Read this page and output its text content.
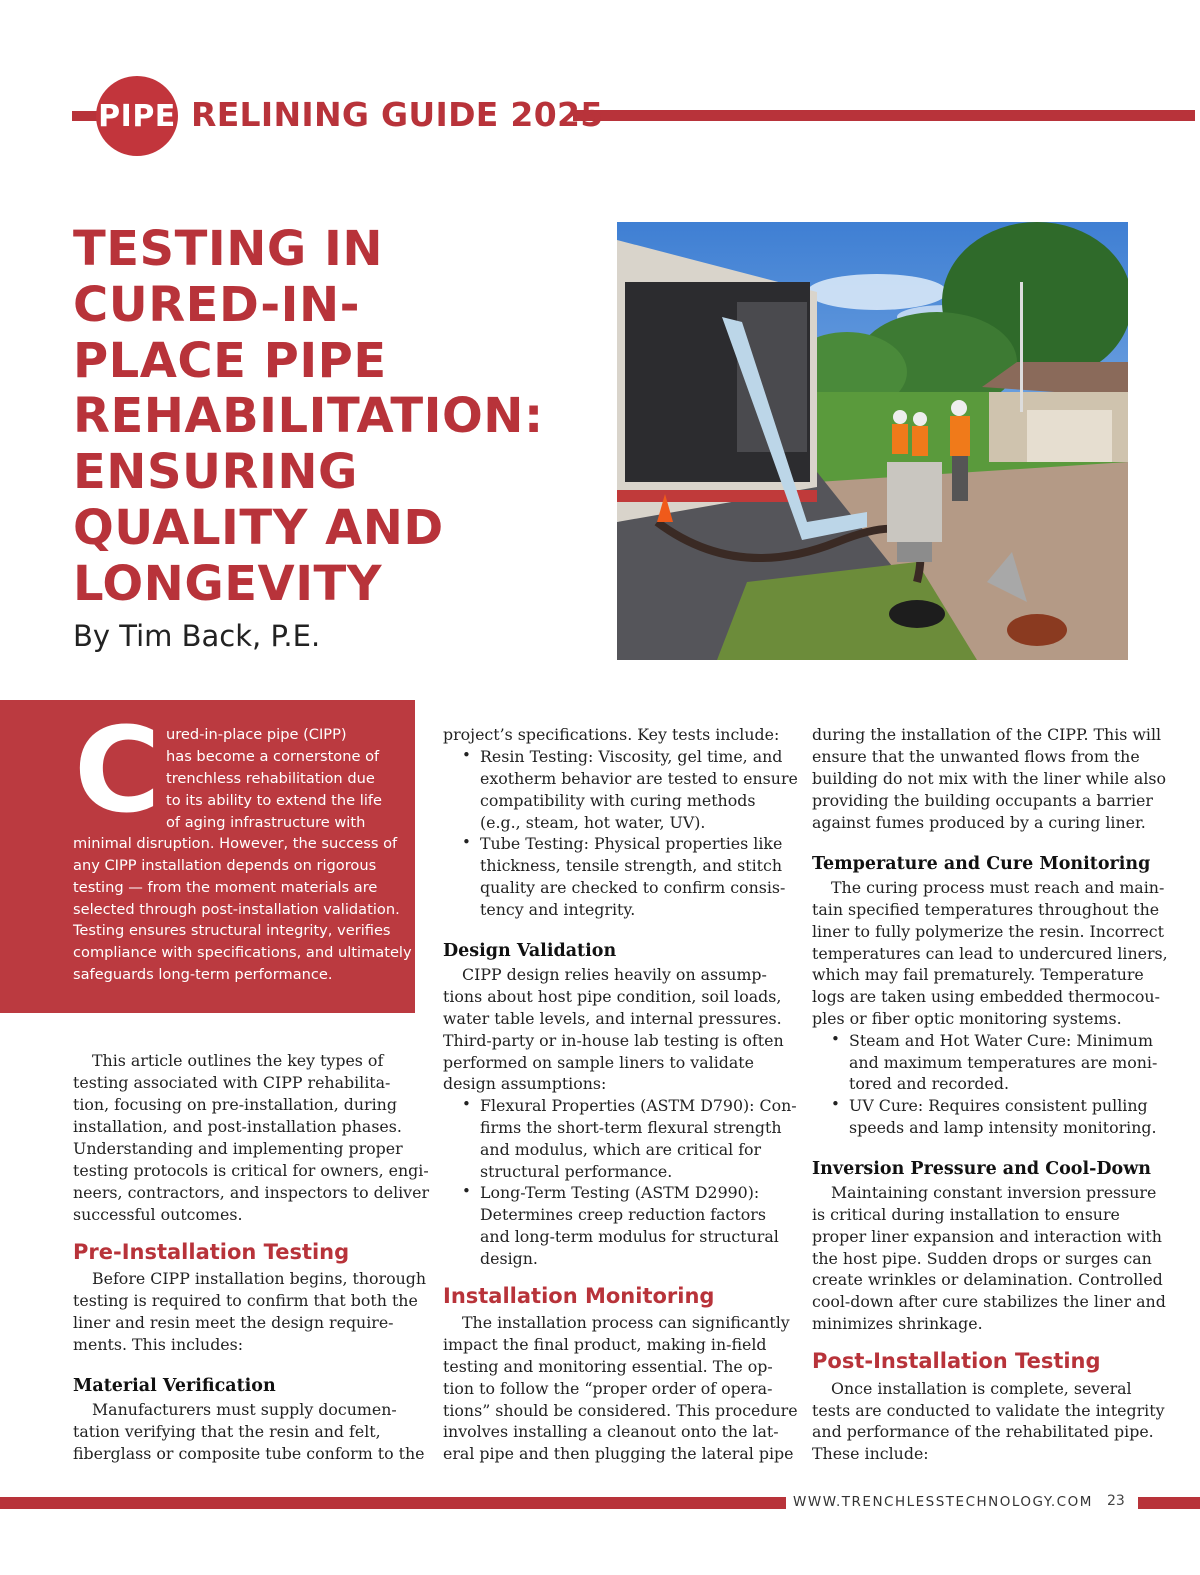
PIPE RELINING GUIDE 2025
TESTING IN
CURED-IN-
PLACE PIPE
REHABILITATION:
ENSURING
QUALITY AND
LONGEVITY
By Tim Back, P.E.
C ured-in-place pipe (CIPP)
has become a cornerstone of
trenchless rehabilitation due
to its ability to extend the life
of aging infrastructure with
minimal disruption. However, the success of
any CIPP installation depends on rigorous
testing — from the moment materials are
selected through post-installation validation.
Testing ensures structural integrity, verifies
compliance with specifications, and ultimately
safeguards long-term performance.
This article outlines the key types of
testing associated with CIPP rehabilita-
tion, focusing on pre-installation, during
installation, and post-installation phases.
Understanding and implementing proper
testing protocols is critical for owners, engi-
neers, contractors, and inspectors to deliver
successful outcomes.
Pre-Installation Testing
Before CIPP installation begins, thorough
testing is required to confirm that both the
liner and resin meet the design require-
ments. This includes:
Material Verification
Manufacturers must supply documen-
tation verifying that the resin and felt,
fiberglass or composite tube conform to the
project’s specifications. Key tests include:
• Resin Testing: Viscosity, gel time, and
exotherm behavior are tested to ensure
compatibility with curing methods
(e.g., steam, hot water, UV).
• Tube Testing: Physical properties like
thickness, tensile strength, and stitch
quality are checked to confirm consis-
tency and integrity.
Design Validation
CIPP design relies heavily on assump-
tions about host pipe condition, soil loads,
water table levels, and internal pressures.
Third-party or in-house lab testing is often
performed on sample liners to validate
design assumptions:
• Flexural Properties (ASTM D790): Con-
firms the short-term flexural strength
and modulus, which are critical for
structural performance.
• Long-Term Testing (ASTM D2990):
Determines creep reduction factors
and long-term modulus for structural
design.
Installation Monitoring
The installation process can significantly
impact the final product, making in-field
testing and monitoring essential. The op-
tion to follow the “proper order of opera-
tions” should be considered. This procedure
involves installing a cleanout onto the lat-
eral pipe and then plugging the lateral pipe
during the installation of the CIPP. This will
ensure that the unwanted flows from the
building do not mix with the liner while also
providing the building occupants a barrier
against fumes produced by a curing liner.
Temperature and Cure Monitoring
The curing process must reach and main-
tain specified temperatures throughout the
liner to fully polymerize the resin. Incorrect
temperatures can lead to undercured liners,
which may fail prematurely. Temperature
logs are taken using embedded thermocou-
ples or fiber optic monitoring systems.
• Steam and Hot Water Cure: Minimum
and maximum temperatures are moni-
tored and recorded.
• UV Cure: Requires consistent pulling
speeds and lamp intensity monitoring.
Inversion Pressure and Cool-Down
Maintaining constant inversion pressure
is critical during installation to ensure
proper liner expansion and interaction with
the host pipe. Sudden drops or surges can
create wrinkles or delamination. Controlled
cool-down after cure stabilizes the liner and
minimizes shrinkage.
Post-Installation Testing
Once installation is complete, several
tests are conducted to validate the integrity
and performance of the rehabilitated pipe.
These include:
WWW.TRENCHLESSTECHNOLOGY.COM 23
